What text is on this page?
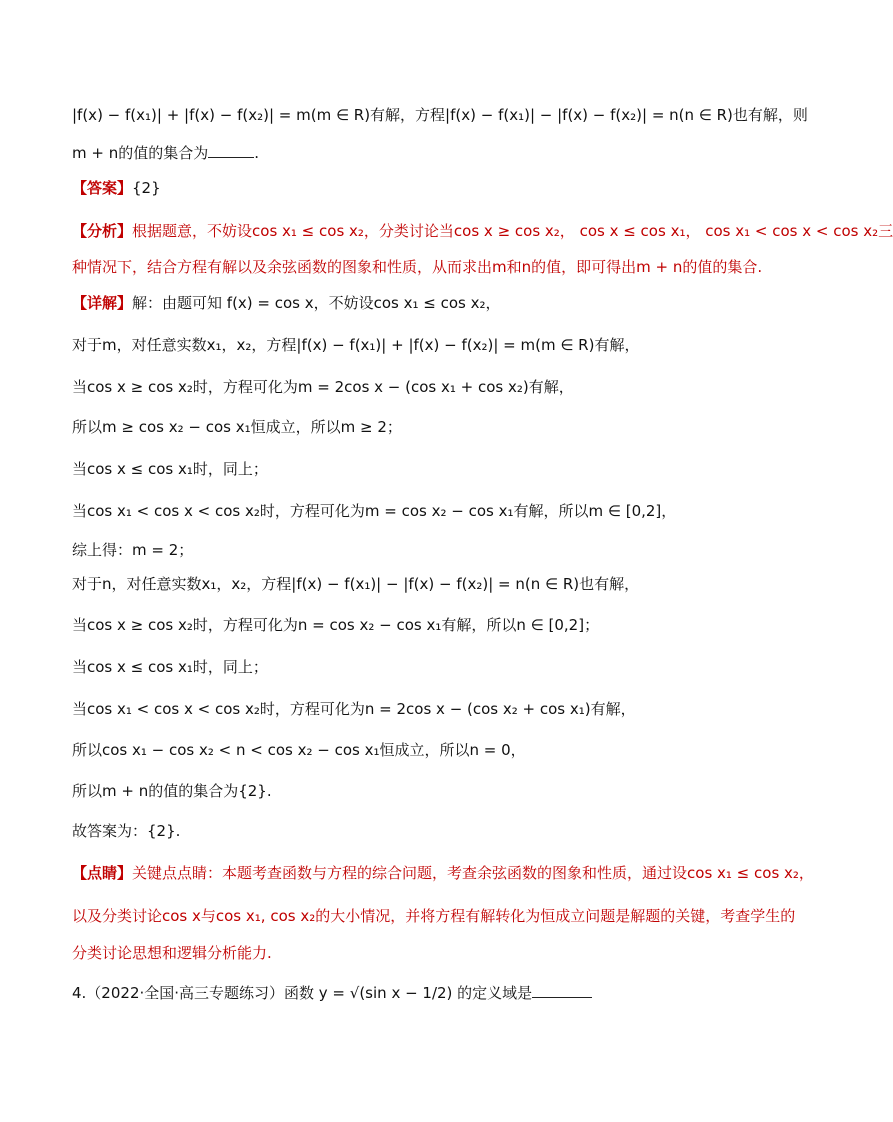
|f(x) − f(x₁)| + |f(x) − f(x₂)| = m(m ∈ R)有解，方程|f(x) − f(x₁)| − |f(x) − f(x₂)| = n(n ∈ R)也有解，则
m + n的值的集合为	.
【答案】{2}
【分析】根据题意，不妨设cos x₁ ≤ cos x₂，分类讨论当cos x ≥ cos x₂， cos x ≤ cos x₁， cos x₁ < cos x < cos x₂三
种情况下，结合方程有解以及余弦函数的图象和性质，从而求出m和n的值，即可得出m + n的值的集合.
【详解】解：由题可知 f(x) = cos x，不妨设cos x₁ ≤ cos x₂，
对于m，对任意实数x₁，x₂，方程|f(x) − f(x₁)| + |f(x) − f(x₂)| = m(m ∈ R)有解，
当cos x ≥ cos x₂时，方程可化为m = 2cos x − (cos x₁ + cos x₂)有解，
所以m ≥ cos x₂ − cos x₁恒成立，所以m ≥ 2；
当cos x ≤ cos x₁时，同上；
当cos x₁ < cos x < cos x₂时，方程可化为m = cos x₂ − cos x₁有解，所以m ∈ [0,2]，
综上得：m = 2；
对于n，对任意实数x₁，x₂，方程|f(x) − f(x₁)| − |f(x) − f(x₂)| = n(n ∈ R)也有解，
当cos x ≥ cos x₂时，方程可化为n = cos x₂ − cos x₁有解，所以n ∈ [0,2]；
当cos x ≤ cos x₁时，同上；
当cos x₁ < cos x < cos x₂时，方程可化为n = 2cos x − (cos x₂ + cos x₁)有解，
所以cos x₁ − cos x₂ < n < cos x₂ − cos x₁恒成立，所以n = 0，
所以m + n的值的集合为{2}.
故答案为：{2}.
【点睛】关键点点睛：本题考查函数与方程的综合问题，考查余弦函数的图象和性质，通过设cos x₁ ≤ cos x₂，
以及分类讨论cos x与cos x₁, cos x₂的大小情况，并将方程有解转化为恒成立问题是解题的关键，考查学生的
分类讨论思想和逻辑分析能力.
4.（2022·全国·高三专题练习）函数 y = √(sin x − 1/2) 的定义域是
